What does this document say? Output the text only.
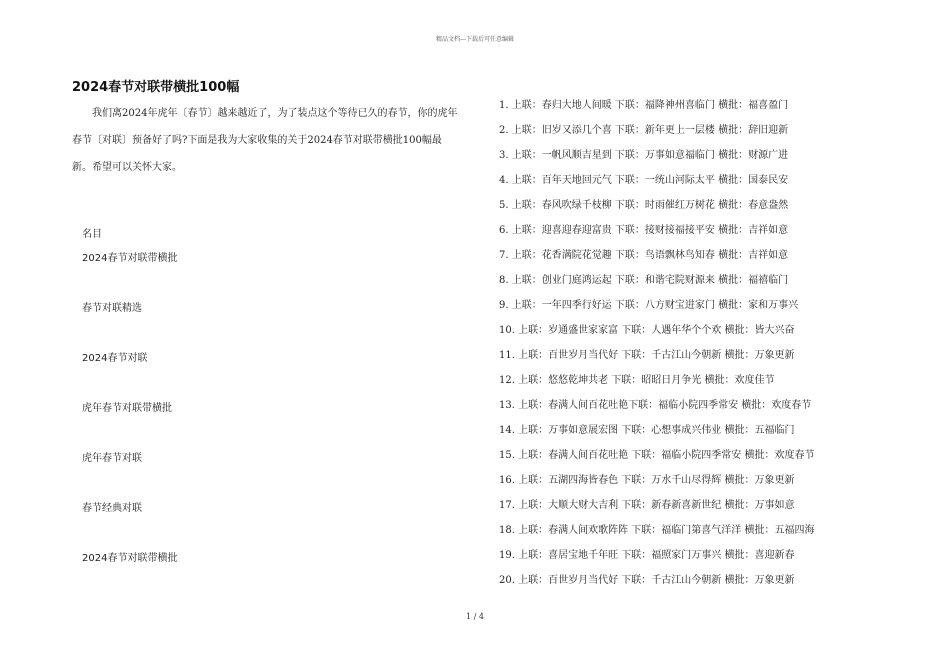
精品文档---下载后可任意编辑
2024春节对联带横批100幅

我们离2024年虎年〔春节〕越来越近了，为了装点这个等待已久的春节，你的虎年春节〔对联〕预备好了吗?下面是我为大家收集的关于2024春节对联带横批100幅最新。希望可以关怀大家。

名目
2024春节对联带横批
春节对联精选
2024春节对联
虎年春节对联带横批
虎年春节对联
春节经典对联
2024春节对联带横批
1. 上联：春归大地人间暖 下联：福降神州喜临门 横批：福喜盈门
2. 上联：旧岁又添几个喜 下联：新年更上一层楼 横批：辞旧迎新
3. 上联：一帆风顺吉星到 下联：万事如意福临门 横批：财源广进
4. 上联：百年天地回元气 下联：一统山河际太平 横批：国泰民安
5. 上联：春风吹绿千枝柳 下联：时雨催红万树花 横批：春意盎然
6. 上联：迎喜迎春迎富贵 下联：接财接福接平安 横批：吉祥如意
7. 上联：花香满院花觉趣 下联：鸟语飘林鸟知春 横批：吉祥如意
8. 上联：创业门庭鸿运起 下联：和谐宅院财源来 横批：福禧临门
9. 上联：一年四季行好运 下联：八方财宝进家门 横批：家和万事兴
10. 上联：岁通盛世家家富 下联：人遇年华个个欢 横批：皆大兴奋
11. 上联：百世岁月当代好 下联：千古江山今朝新 横批：万象更新
12. 上联：悠悠乾坤共老 下联：昭昭日月争光 横批：欢度佳节
13. 上联：春满人间百花吐艳下联：福临小院四季常安 横批：欢度春节
14. 上联：万事如意展宏图 下联：心想事成兴伟业 横批：五福临门
15. 上联：春满人间百花吐艳 下联：福临小院四季常安 横批：欢度春节
16. 上联：五湖四海皆春色 下联：万水千山尽得辉 横批：万象更新
17. 上联：大顺大财大吉利 下联：新春新喜新世纪 横批：万事如意
18. 上联：春满人间欢歌阵阵 下联：福临门第喜气洋洋 横批：五福四海
19. 上联：喜居宝地千年旺 下联：福照家门万事兴 横批：喜迎新春
20. 上联：百世岁月当代好 下联：千古江山今朝新 横批：万象更新
1 / 4
